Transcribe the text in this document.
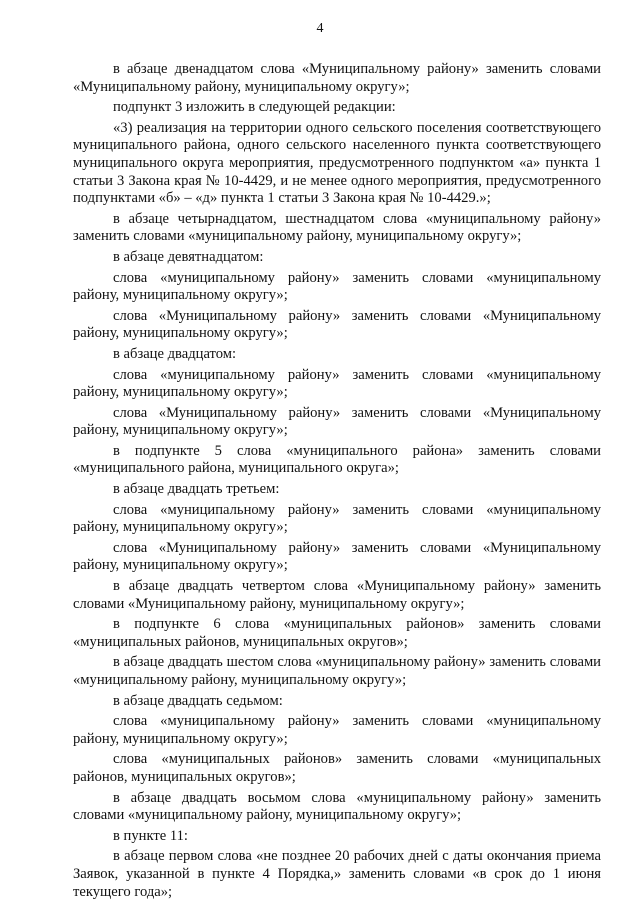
4

в абзаце двенадцатом слова «Муниципальному району» заменить словами «Муниципальному району, муниципальному округу»;

подпункт 3 изложить в следующей редакции:

«3) реализация на территории одного сельского поселения соответствующего муниципального района, одного сельского населенного пункта соответствующего муниципального округа мероприятия, предусмотренного подпунктом «а» пункта 1 статьи 3 Закона края № 10-4429, и не менее одного мероприятия, предусмотренного подпунктами «б» – «д» пункта 1 статьи 3 Закона края № 10-4429.»;

в абзаце четырнадцатом, шестнадцатом слова «муниципальному району» заменить словами «муниципальному району, муниципальному округу»;

в абзаце девятнадцатом:

слова «муниципальному району» заменить словами «муниципальному району, муниципальному округу»;

слова «Муниципальному району» заменить словами «Муниципальному району, муниципальному округу»;

в абзаце двадцатом:

слова «муниципальному району» заменить словами «муниципальному району, муниципальному округу»;

слова «Муниципальному району» заменить словами «Муниципальному району, муниципальному округу»;

в подпункте 5 слова «муниципального района» заменить словами «муниципального района, муниципального округа»;

в абзаце двадцать третьем:

слова «муниципальному району» заменить словами «муниципальному району, муниципальному округу»;

слова «Муниципальному району» заменить словами «Муниципальному району, муниципальному округу»;

в абзаце двадцать четвертом слова «Муниципальному району» заменить словами «Муниципальному району, муниципальному округу»;

в подпункте 6 слова «муниципальных районов» заменить словами «муниципальных районов, муниципальных округов»;

в абзаце двадцать шестом слова «муниципальному району» заменить словами «муниципальному району, муниципальному округу»;

в абзаце двадцать седьмом:

слова «муниципальному району» заменить словами «муниципальному району, муниципальному округу»;

слова «муниципальных районов» заменить словами «муниципальных районов, муниципальных округов»;

в абзаце двадцать восьмом слова «муниципальному району» заменить словами «муниципальному району, муниципальному округу»;

в пункте 11:

в абзаце первом слова «не позднее 20 рабочих дней с даты окончания приема Заявок, указанной в пункте 4 Порядка,» заменить словами «в срок до 1 июня текущего года»;
